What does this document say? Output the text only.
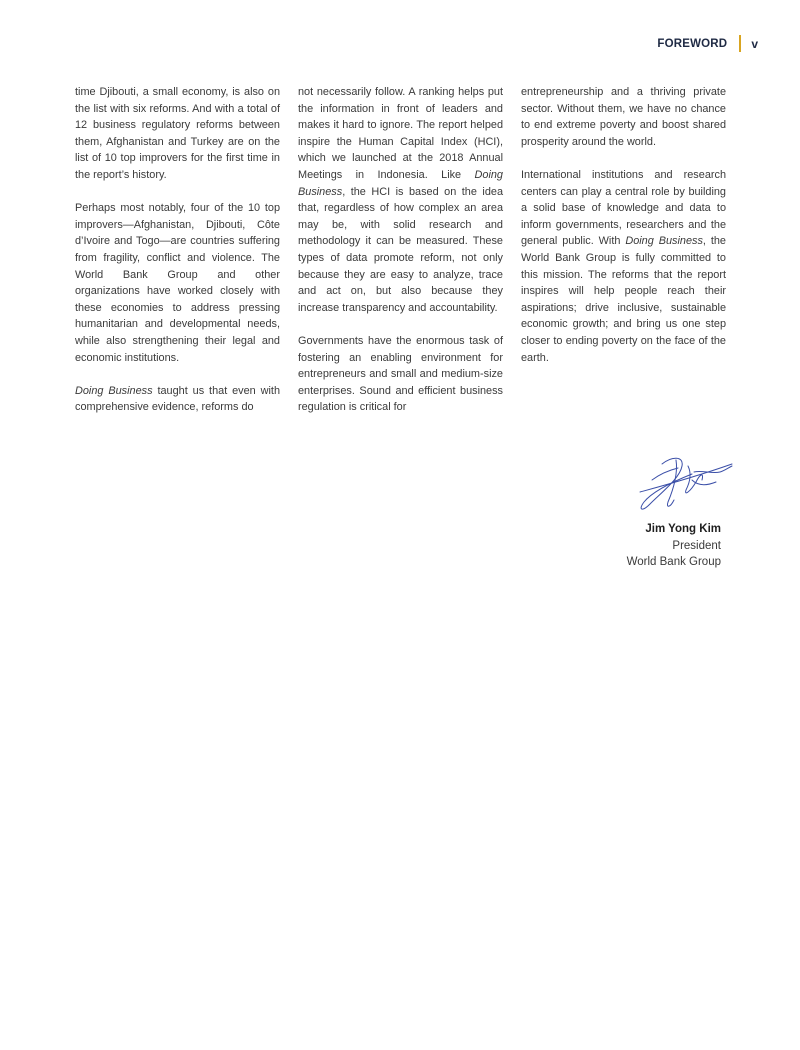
FOREWORD v

time Djibouti, a small economy, is also on the list with six reforms. And with a total of 12 business regulatory reforms between them, Afghanistan and Turkey are on the list of 10 top improvers for the first time in the report’s history.

Perhaps most notably, four of the 10 top improvers—Afghanistan, Djibouti, Côte d’Ivoire and Togo—are countries suffering from fragility, conflict and violence. The World Bank Group and other organizations have worked closely with these economies to address pressing humanitarian and developmental needs, while also strengthening their legal and economic institutions.

Doing Business taught us that even with comprehensive evidence, reforms do

not necessarily follow. A ranking helps put the information in front of leaders and makes it hard to ignore. The report helped inspire the Human Capital Index (HCI), which we launched at the 2018 Annual Meetings in Indonesia. Like Doing Business, the HCI is based on the idea that, regardless of how complex an area may be, with solid research and methodology it can be measured. These types of data promote reform, not only because they are easy to analyze, trace and act on, but also because they increase transparency and accountability.

Governments have the enormous task of fostering an enabling environment for entrepreneurs and small and medium-size enterprises. Sound and efficient business regulation is critical for

entrepreneurship and a thriving private sector. Without them, we have no chance to end extreme poverty and boost shared prosperity around the world.

International institutions and research centers can play a central role by building a solid base of knowledge and data to inform governments, researchers and the general public. With Doing Business, the World Bank Group is fully committed to this mission. The reforms that the report inspires will help people reach their aspirations; drive inclusive, sustainable economic growth; and bring us one step closer to ending poverty on the face of the earth.

Jim Yong Kim
President
World Bank Group
